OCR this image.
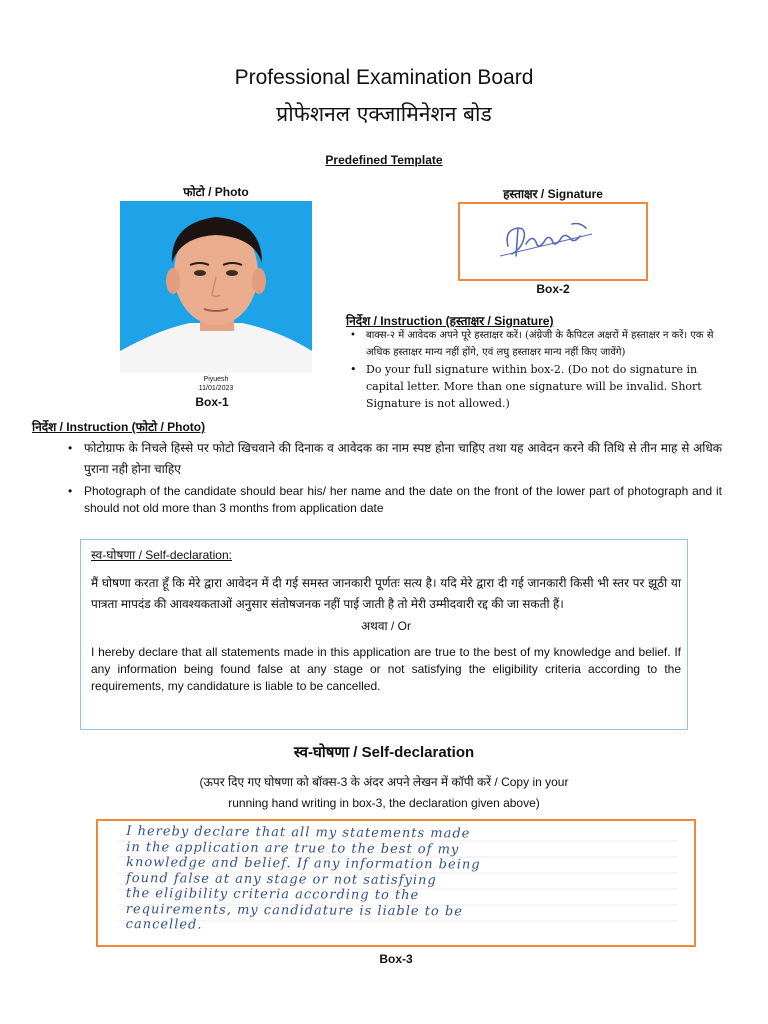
Professional Examination Board
प्रोफेशनल एक्जामिनेशन बोड
Predefined Template
फोटो / Photo
Piyuesh
11/01/2023
Box-1
हस्ताक्षर / Signature
Box-2
निर्देश / Instruction (हस्ताक्षर / Signature)
• बाक्स-२ में आवेदक अपने पूरे हस्ताक्षर करें। (अंग्रेजी के कैपिटल अक्षरों में हस्ताक्षर न करें। एक से अधिक हस्ताक्षर मान्य नहीं होंगे, एवं लघु हस्ताक्षर मान्य नहीं किए जावेंगे)
• Do your full signature within box-2. (Do not do signature in capital letter. More than one signature will be invalid. Short Signature is not allowed.)
निर्देश / Instruction (फोटो / Photo)
• फोटोग्राफ के निचले हिस्से पर फोटो खिचवाने की दिनाक व आवेदक का नाम स्पष्ट होना चाहिए तथा यह आवेदन करने की तिथि से तीन माह से अधिक पुराना नही होना चाहिए
• Photograph of the candidate should bear his/ her name and the date on the front of the lower part of photograph and it should not old more than 3 months from application date
स्व-घोषणा / Self-declaration:
मैं घोषणा करता हूँ कि मेरे द्वारा आवेदन में दी गई समस्त जानकारी पूर्णतः सत्य है। यदि मेरे द्वारा दी गई जानकारी किसी भी स्तर पर झूठी या पात्रता मापदंड की आवश्यकताओं अनुसार संतोषजनक नहीं पाई जाती है तो मेरी उम्मीदवारी रद्द की जा सकती हैं।
अथवा / Or
I hereby declare that all statements made in this application are true to the best of my knowledge and belief. If any information being found false at any stage or not satisfying the eligibility criteria according to the requirements, my candidature is liable to be cancelled.
स्व-घोषणा / Self-declaration
(ऊपर दिए गए घोषणा को बॉक्स-3 के अंदर अपने लेखन में कॉपी करें / Copy in your
running hand writing in box-3, the declaration given above)
I hereby declare that all my statements made
in the application are true to the best of my
knowledge and belief. If any information being
found false at any stage or not satisfying
the eligibility criteria according to the
requirements, my candidature is liable to be
cancelled.
Box-3
